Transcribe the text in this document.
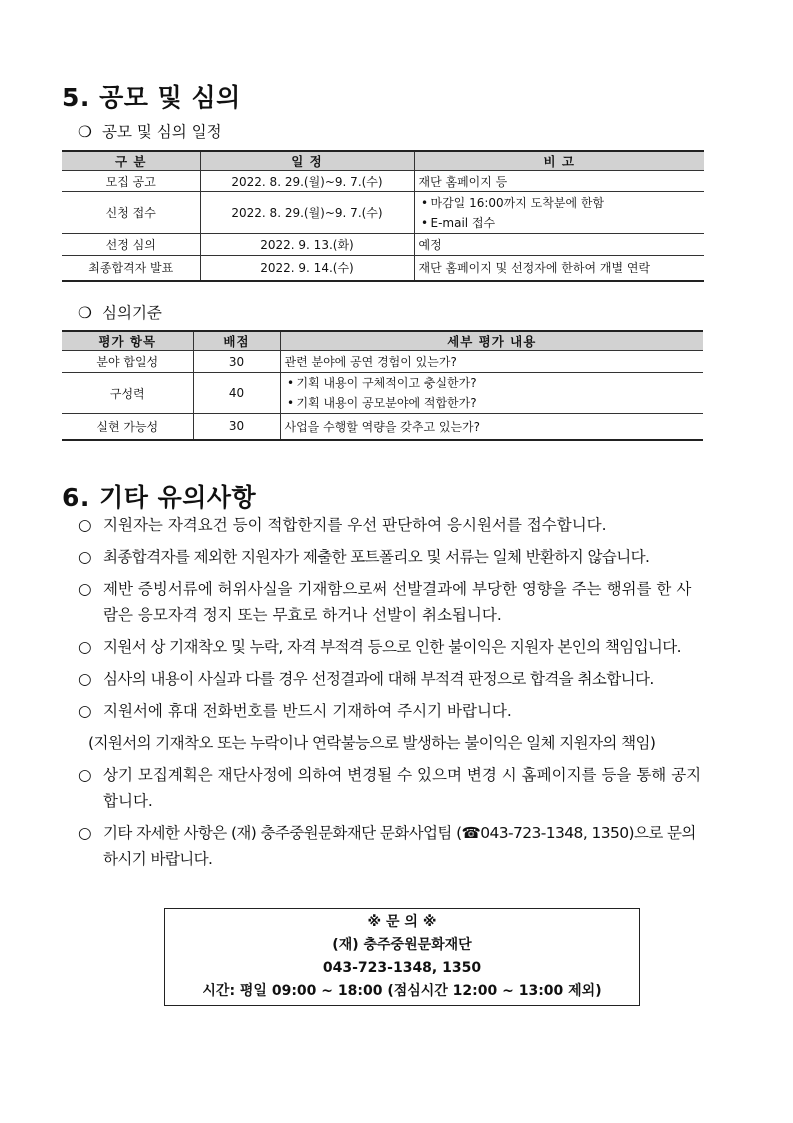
5. 공모 및 심의
❍ 공모 및 심의 일정
구 분	일 정	비 고
모집 공고	2022. 8. 29.(월)~9. 7.(수)	재단 홈페이지 등
신청 접수	2022. 8. 29.(월)~9. 7.(수)	• 마감일 16:00까지 도착분에 한함
• E-mail 접수

선정 심의	2022. 9. 13.(화)	예정
최종합격자 발표	2022. 9. 14.(수)	재단 홈페이지 및 선정자에 한하여 개별 연락
❍ 심의기준
평가 항목	배점	세부 평가 내용
분야 합일성	30	관련 분야에 공연 경험이 있는가?
구성력	40	• 기획 내용이 구체적이고 충실한가?
• 기획 내용이 공모분야에 적합한가?

실현 가능성	30	사업을 수행할 역량을 갖추고 있는가?
6. 기타 유의사항
○ 지원자는 자격요건 등이 적합한지를 우선 판단하여 응시원서를 접수합니다.
○ 최종합격자를 제외한 지원자가 제출한 포트폴리오 및 서류는 일체 반환하지 않습니다.
○ 제반 증빙서류에 허위사실을 기재함으로써 선발결과에 부당한 영향을 주는 행위를 한 사람은 응모자격 정지 또는 무효로 하거나 선발이 취소됩니다.
○ 지원서 상 기재착오 및 누락, 자격 부적격 등으로 인한 불이익은 지원자 본인의 책임입니다.
○ 심사의 내용이 사실과 다를 경우 선정결과에 대해 부적격 판정으로 합격을 취소합니다.
○ 지원서에 휴대 전화번호를 반드시 기재하여 주시기 바랍니다.
(지원서의 기재착오 또는 누락이나 연락불능으로 발생하는 불이익은 일체 지원자의 책임)
○ 상기 모집계획은 재단사정에 의하여 변경될 수 있으며 변경 시 홈페이지를 등을 통해 공지합니다.
○ 기타 자세한 사항은 (재) 충주중원문화재단 문화사업팀 (☎043-723-1348, 1350)으로 문의하시기 바랍니다.
※ 문 의 ※
(재) 충주중원문화재단
043-723-1348, 1350
시간: 평일 09:00 ~ 18:00 (점심시간 12:00 ~ 13:00 제외)
